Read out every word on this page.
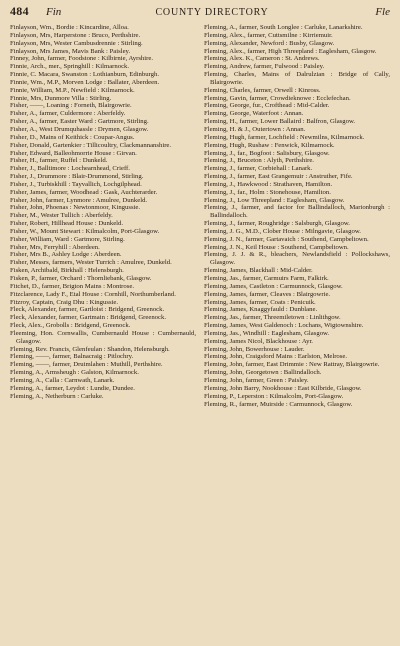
484	Fin	COUNTY DIRECTORY	Fle
Finlayson, Wm., Bordie : Kincardine, Alloa.
Finlayson, Mrs, Harperstone : Bruco, Perthshire.
Finlayson, Mrs, Wester Cambusdrennie : Stirling.
Finlayson, Mrs James, Mavis Bank : Paisley.
Finney, John, farmer, Foodstone : Kilbirnie, Ayrshire.
Finnie, Arch., mer., Springhill : Kilmarnock.
Finnie, C. Macara, Swanston : Lothianburn, Edinburgh.
Finnie, Wm., M.P., Morven Lodge : Ballater, Aberdeen.
Finnie, William, M.P., Newfield : Kilmarnock.
Finnie, Mrs, Dunmore Villa : Stirling.
Fisher, ——, Loaning : Forneth, Blairgowrie.
Fisher, A., farmer, Culdermore : Aberfeldy.
Fisher, A., farmer, Easter Ward : Gartmore, Stirling.
Fisher, A., West Drumquhassle : Drymen, Glasgow.
Fisher, D., Mains of Keithick : Coupar-Angus.
Fisher, Donald, Gartenkier : Tillicoultry, Clackmannanshire.
Fisher, Edward, Balleohmorrie House : Girvan.
Fisher, H., farmer, Ruffel : Dunkeld.
Fisher, J., Balltimore : Lochearnhead, Crieff.
Fisher, J., Drummore : Blair-Drummond, Stirling.
Fisher, J., Turbiskhill : Tayvallich, Lochgilphead.
Fisher, James, farmer, Woodhead : Gask, Auchterarder.
Fisher, John, farmer, Lynmore : Amulree, Dunkeld.
Fisher, John, Phoenas : Newtonmoor, Kingussie.
Fisher, M., Wester Tullich : Aberfeldy.
Fisher, Robert, Hillhead House : Dunkeld.
Fisher, W., Mount Stewart : Kilmalcolm, Port-Glasgow.
Fisher, William, Ward : Gartmore, Stirling.
Fisher, Mrs, Ferryhill : Aberdeen.
Fisher, Mrs B., Ashley Lodge : Aberdeen.
Fisher, Messrs, farmers, Wester Turrich : Amulree, Dunkeld.
Fisken, Archibald, Birkhall : Helensburgh.
Fisken, P., farmer, Orchard : Thornliebank, Glasgow.
Fitchet, D., farmer, Brigton Mains : Montrose.
Fitzclarence, Lady F., Etal House : Cornhill, Northumberland.
Fitzroy, Captain, Craig Dhu : Kingussie.
Fleck, Alexander, farmer, Gartloist : Bridgend, Greenock.
Fleck, Alexander, farmer, Gartmain : Bridgend, Greenock.
Fleck, Alex., Grobolls : Bridgend, Greenock.
Fleeming, Hon. Cornwallis, Cumbernauld House : Cumbernauld, Glasgow.
Fleming, Rev. Francis, Glenfeulan : Shandon, Helensburgh.
Fleming, ——, farmer, Balnacraig : Pitlochry.
Fleming, ——, farmer, Druimlahen : Muthill, Perthshire.
Fleming, A., Armsheugh : Galston, Kilmarnock.
Fleming, A., Calla : Carnwath, Lanark.
Fleming, A., farmer, Leydot : Lundie, Dundee.
Fleming, A., Netherburn : Carluke.
Fleming, A., farmer, South Longlee : Carluke, Lanarkshire.
Fleming, Alex., farmer, Cuttsmilne : Kirriemuir.
Fleming, Alexander, Newford : Busby, Glasgow.
Fleming, Alex., farmer, High Threepland : Eaglesham, Glasgow.
Fleming, Alex. K., Cameron : St. Andrews.
Fleming, Andrew, farmer, Fulwood : Paisley.
Fleming, Charles, Mains of Dalrulzian : Bridge of Cally, Blairgowrie.
Fleming, Charles, farmer, Orwell : Kinross.
Fleming, Gavin, farmer, Crowdieknowe : Ecclefechan.
Fleming, George, fur., Crofthead : Mid-Calder.
Fleming, George, Waterfoot : Annan.
Fleming, H., farmer, Lower Ballaird : Balfron, Glasgow.
Fleming, H. & J., Outertown : Annan.
Fleming, Hugh, farmer, Lochfield : Newmilns, Kilmarnock.
Fleming, Hugh, Rushaw : Fenwick, Kilmarnock.
Fleming, J., far., Bogfoot : Salisbury, Glasgow.
Fleming, J., Bruceton : Alyth, Perthshire.
Fleming, J., farmer, Corbiehall : Lanark.
Fleming, J., farmer, East Grangemuir : Anstruther, Fife.
Fleming, J., Hawkwood : Strathaven, Hamilton.
Fleming, J., far., Holm : Stonehouse, Hamilton.
Fleming, J., Low Threepland : Eaglesham, Glasgow.
Fleming, J., farmer, and factor for Ballindalloch, Marionburgh : Ballindalloch.
Fleming, J., farmer, Roughridge : Salsburgh, Glasgow.
Fleming, J. G., M.D., Clober House : Milngavie, Glasgow.
Fleming, J. N., farmer, Gartavaich : Southend, Campbeltown.
Fleming, J. N., Keil House : Southend, Campbeltown.
Fleming, J. J. & R., bleachers, Newlandsfield : Pollockshaws, Glasgow.
Fleming, James, Blackhall : Mid-Calder.
Fleming, Jas., farmer, Carmuirs Farm, Falkirk.
Fleming, James, Castleton : Carmunnock, Glasgow.
Fleming, James, farmer, Cleaves : Blairgowrie.
Fleming, James, farmer, Coats : Penicuik.
Fleming, James, Knaggyfauld : Dunblane.
Fleming, Jas., farmer, Threemiletown : Linlithgow.
Fleming, James, West Galdenoch : Lochans, Wigtownshire.
Fleming, Jas., Windhill : Eaglesham, Glasgow.
Fleming, James Nicol, Blackhouse : Ayr.
Fleming, John, Bowerhouse : Lauder.
Fleming, John, Craigsford Mains : Earlston, Melrose.
Fleming, John, farmer, East Drimmie : New Rattray, Blairgowrie.
Fleming, John, Georgetown : Ballindalloch.
Fleming, John, farmer, Green : Paisley.
Fleming, John Barry, Nookhouse : East Kilbride, Glasgow.
Fleming, P., Leperston : Kilmalcolm, Port-Glasgow.
Fleming, R., farmer, Muirside : Carmunnock, Glasgow.
